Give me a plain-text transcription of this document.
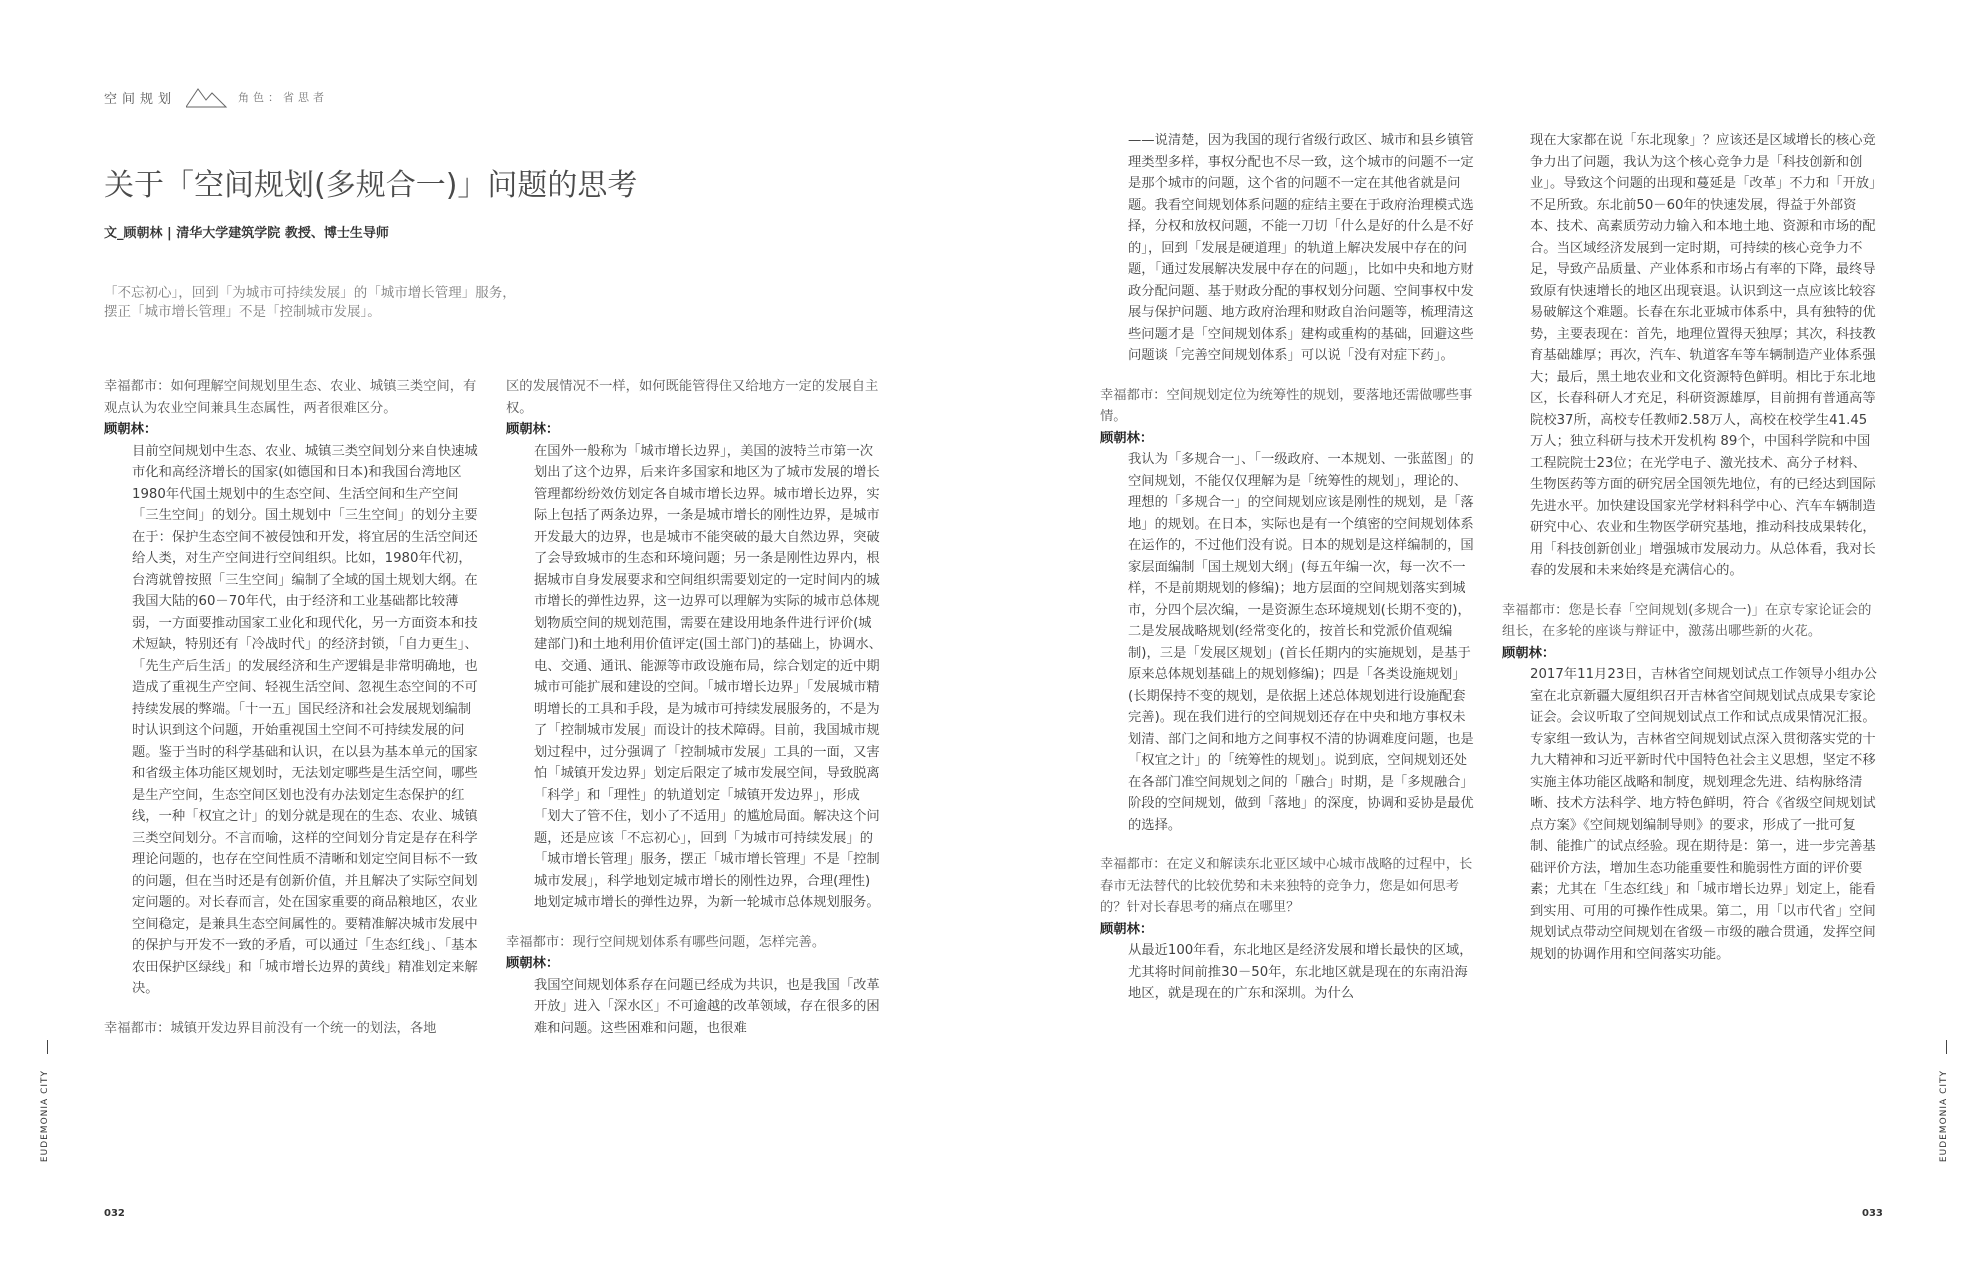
空间规划	角色：省思者
关于「空间规划(多规合一)」问题的思考
文_顾朝林 | 清华大学建筑学院 教授、博士生导师
「不忘初心」，回到「为城市可持续发展」的「城市增长管理」服务，
摆正「城市增长管理」不是「控制城市发展」。

幸福都市：如何理解空间规划里生态、农业、城镇三类空间，有观点认为农业空间兼具生态属性，两者很难区分。

顾朝林：

目前空间规划中生态、农业、城镇三类空间划分来自快速城市化和高经济增长的国家(如德国和日本)和我国台湾地区1980年代国土规划中的生态空间、生活空间和生产空间「三生空间」的划分。国土规划中「三生空间」的划分主要在于：保护生态空间不被侵蚀和开发，将宜居的生活空间还给人类，对生产空间进行空间组织。比如，1980年代初，台湾就曾按照「三生空间」编制了全域的国土规划大纲。在我国大陆的60－70年代，由于经济和工业基础都比较薄弱，一方面要推动国家工业化和现代化，另一方面资本和技术短缺，特别还有「冷战时代」的经济封锁，「自力更生」、「先生产后生活」的发展经济和生产逻辑是非常明确地，也造成了重视生产空间、轻视生活空间、忽视生态空间的不可持续发展的弊端。「十一五」国民经济和社会发展规划编制时认识到这个问题，开始重视国土空间不可持续发展的问题。鉴于当时的科学基础和认识，在以县为基本单元的国家和省级主体功能区规划时，无法划定哪些是生活空间，哪些是生产空间，生态空间区划也没有办法划定生态保护的红线，一种「权宜之计」的划分就是现在的生态、农业、城镇三类空间划分。不言而喻，这样的空间划分肯定是存在科学理论问题的，也存在空间性质不清晰和划定空间目标不一致的问题，但在当时还是有创新价值，并且解决了实际空间划定问题的。对长春而言，处在国家重要的商品粮地区，农业空间稳定，是兼具生态空间属性的。要精准解决城市发展中的保护与开发不一致的矛盾，可以通过「生态红线」、「基本农田保护区绿线」和「城市增长边界的黄线」精准划定来解决。

幸福都市：城镇开发边界目前没有一个统一的划法，各地

区的发展情况不一样，如何既能管得住又给地方一定的发展自主权。

顾朝林：

在国外一般称为「城市增长边界」，美国的波特兰市第一次划出了这个边界，后来许多国家和地区为了城市发展的增长管理都纷纷效仿划定各自城市增长边界。城市增长边界，实际上包括了两条边界，一条是城市增长的刚性边界，是城市开发最大的边界，也是城市不能突破的最大自然边界，突破了会导致城市的生态和环境问题；另一条是刚性边界内，根据城市自身发展要求和空间组织需要划定的一定时间内的城市增长的弹性边界，这一边界可以理解为实际的城市总体规划物质空间的规划范围，需要在建设用地条件进行评价(城建部门)和土地利用价值评定(国土部门)的基础上，协调水、电、交通、通讯、能源等市政设施布局，综合划定的近中期城市可能扩展和建设的空间。「城市增长边界」「发展城市精明增长的工具和手段，是为城市可持续发展服务的，不是为了「控制城市发展」而设计的技术障碍。目前，我国城市规划过程中，过分强调了「控制城市发展」工具的一面，又害怕「城镇开发边界」划定后限定了城市发展空间，导致脱离「科学」和「理性」的轨道划定「城镇开发边界」，形成「划大了管不住，划小了不适用」的尴尬局面。解决这个问题，还是应该「不忘初心」，回到「为城市可持续发展」的「城市增长管理」服务，摆正「城市增长管理」不是「控制城市发展」，科学地划定城市增长的刚性边界，合理(理性)地划定城市增长的弹性边界，为新一轮城市总体规划服务。

幸福都市：现行空间规划体系有哪些问题，怎样完善。

顾朝林：

我国空间规划体系存在问题已经成为共识，也是我国「改革开放」进入「深水区」不可逾越的改革领域，存在很多的困难和问题。这些困难和问题，也很难

——说清楚，因为我国的现行省级行政区、城市和县乡镇管理类型多样，事权分配也不尽一致，这个城市的问题不一定是那个城市的问题，这个省的问题不一定在其他省就是问题。我看空间规划体系问题的症结主要在于政府治理模式选择，分权和放权问题，不能一刀切「什么是好的什么是不好的」，回到「发展是硬道理」的轨道上解决发展中存在的问题，「通过发展解决发展中存在的问题」，比如中央和地方财政分配问题、基于财政分配的事权划分问题、空间事权中发展与保护问题、地方政府治理和财政自治问题等，梳理清这些问题才是「空间规划体系」建构或重构的基础，回避这些问题谈「完善空间规划体系」可以说「没有对症下药」。

幸福都市：空间规划定位为统筹性的规划，要落地还需做哪些事情。

顾朝林：

我认为「多规合一」、「一级政府、一本规划、一张蓝图」的空间规划，不能仅仅理解为是「统筹性的规划」，理论的、理想的「多规合一」的空间规划应该是刚性的规划，是「落地」的规划。在日本，实际也是有一个缜密的空间规划体系在运作的，不过他们没有说。日本的规划是这样编制的，国家层面编制「国土规划大纲」(每五年编一次，每一次不一样，不是前期规划的修编)；地方层面的空间规划落实到城市，分四个层次编，一是资源生态环境规划(长期不变的)，二是发展战略规划(经常变化的，按首长和党派价值观编制)，三是「发展区规划」(首长任期内的实施规划，是基于原来总体规划基础上的规划修编)；四是「各类设施规划」(长期保持不变的规划，是依据上述总体规划进行设施配套完善)。现在我们进行的空间规划还存在中央和地方事权未划清、部门之间和地方之间事权不清的协调难度问题，也是「权宜之计」的「统筹性的规划」。说到底，空间规划还处在各部门准空间规划之间的「融合」时期，是「多规融合」阶段的空间规划，做到「落地」的深度，协调和妥协是最优的选择。

幸福都市：在定义和解读东北亚区域中心城市战略的过程中，长春市无法替代的比较优势和未来独特的竞争力，您是如何思考的？针对长春思考的痛点在哪里？

顾朝林：

从最近100年看，东北地区是经济发展和增长最快的区域，尤其将时间前推30－50年，东北地区就是现在的东南沿海地区，就是现在的广东和深圳。为什么

现在大家都在说「东北现象」？应该还是区域增长的核心竞争力出了问题，我认为这个核心竞争力是「科技创新和创业」。导致这个问题的出现和蔓延是「改革」不力和「开放」不足所致。东北前50－60年的快速发展，得益于外部资本、技术、高素质劳动力输入和本地土地、资源和市场的配合。当区域经济发展到一定时期，可持续的核心竞争力不足，导致产品质量、产业体系和市场占有率的下降，最终导致原有快速增长的地区出现衰退。认识到这一点应该比较容易破解这个难题。长春在东北亚城市体系中，具有独特的优势，主要表现在：首先，地理位置得天独厚；其次，科技教育基础雄厚；再次，汽车、轨道客车等车辆制造产业体系强大；最后，黑土地农业和文化资源特色鲜明。相比于东北地区，长春科研人才充足，科研资源雄厚，目前拥有普通高等院校37所，高校专任教师2.58万人，高校在校学生41.45万人；独立科研与技术开发机构 89个，中国科学院和中国工程院院士23位；在光学电子、激光技术、高分子材料、生物医药等方面的研究居全国领先地位，有的已经达到国际先进水平。加快建设国家光学材料科学中心、汽车车辆制造研究中心、农业和生物医学研究基地，推动科技成果转化，用「科技创新创业」增强城市发展动力。从总体看，我对长春的发展和未来始终是充满信心的。

幸福都市：您是长春「空间规划(多规合一)」在京专家论证会的组长，在多轮的座谈与辩证中，激荡出哪些新的火花。

顾朝林：

2017年11月23日，吉林省空间规划试点工作领导小组办公室在北京新疆大厦组织召开吉林省空间规划试点成果专家论证会。会议听取了空间规划试点工作和试点成果情况汇报。专家组一致认为，吉林省空间规划试点深入贯彻落实党的十九大精神和习近平新时代中国特色社会主义思想，坚定不移实施主体功能区战略和制度，规划理念先进、结构脉络清晰、技术方法科学、地方特色鲜明，符合《省级空间规划试点方案》《空间规划编制导则》的要求，形成了一批可复制、能推广的试点经验。现在期待是：第一，进一步完善基础评价方法，增加生态功能重要性和脆弱性方面的评价要素；尤其在「生态红线」和「城市增长边界」划定上，能看到实用、可用的可操作性成果。第二，用「以市代省」空间规划试点带动空间规划在省级－市级的融合贯通，发挥空间规划的协调作用和空间落实功能。

EUDEMONIA CITY	EUDEMONIA CITY
032	033
